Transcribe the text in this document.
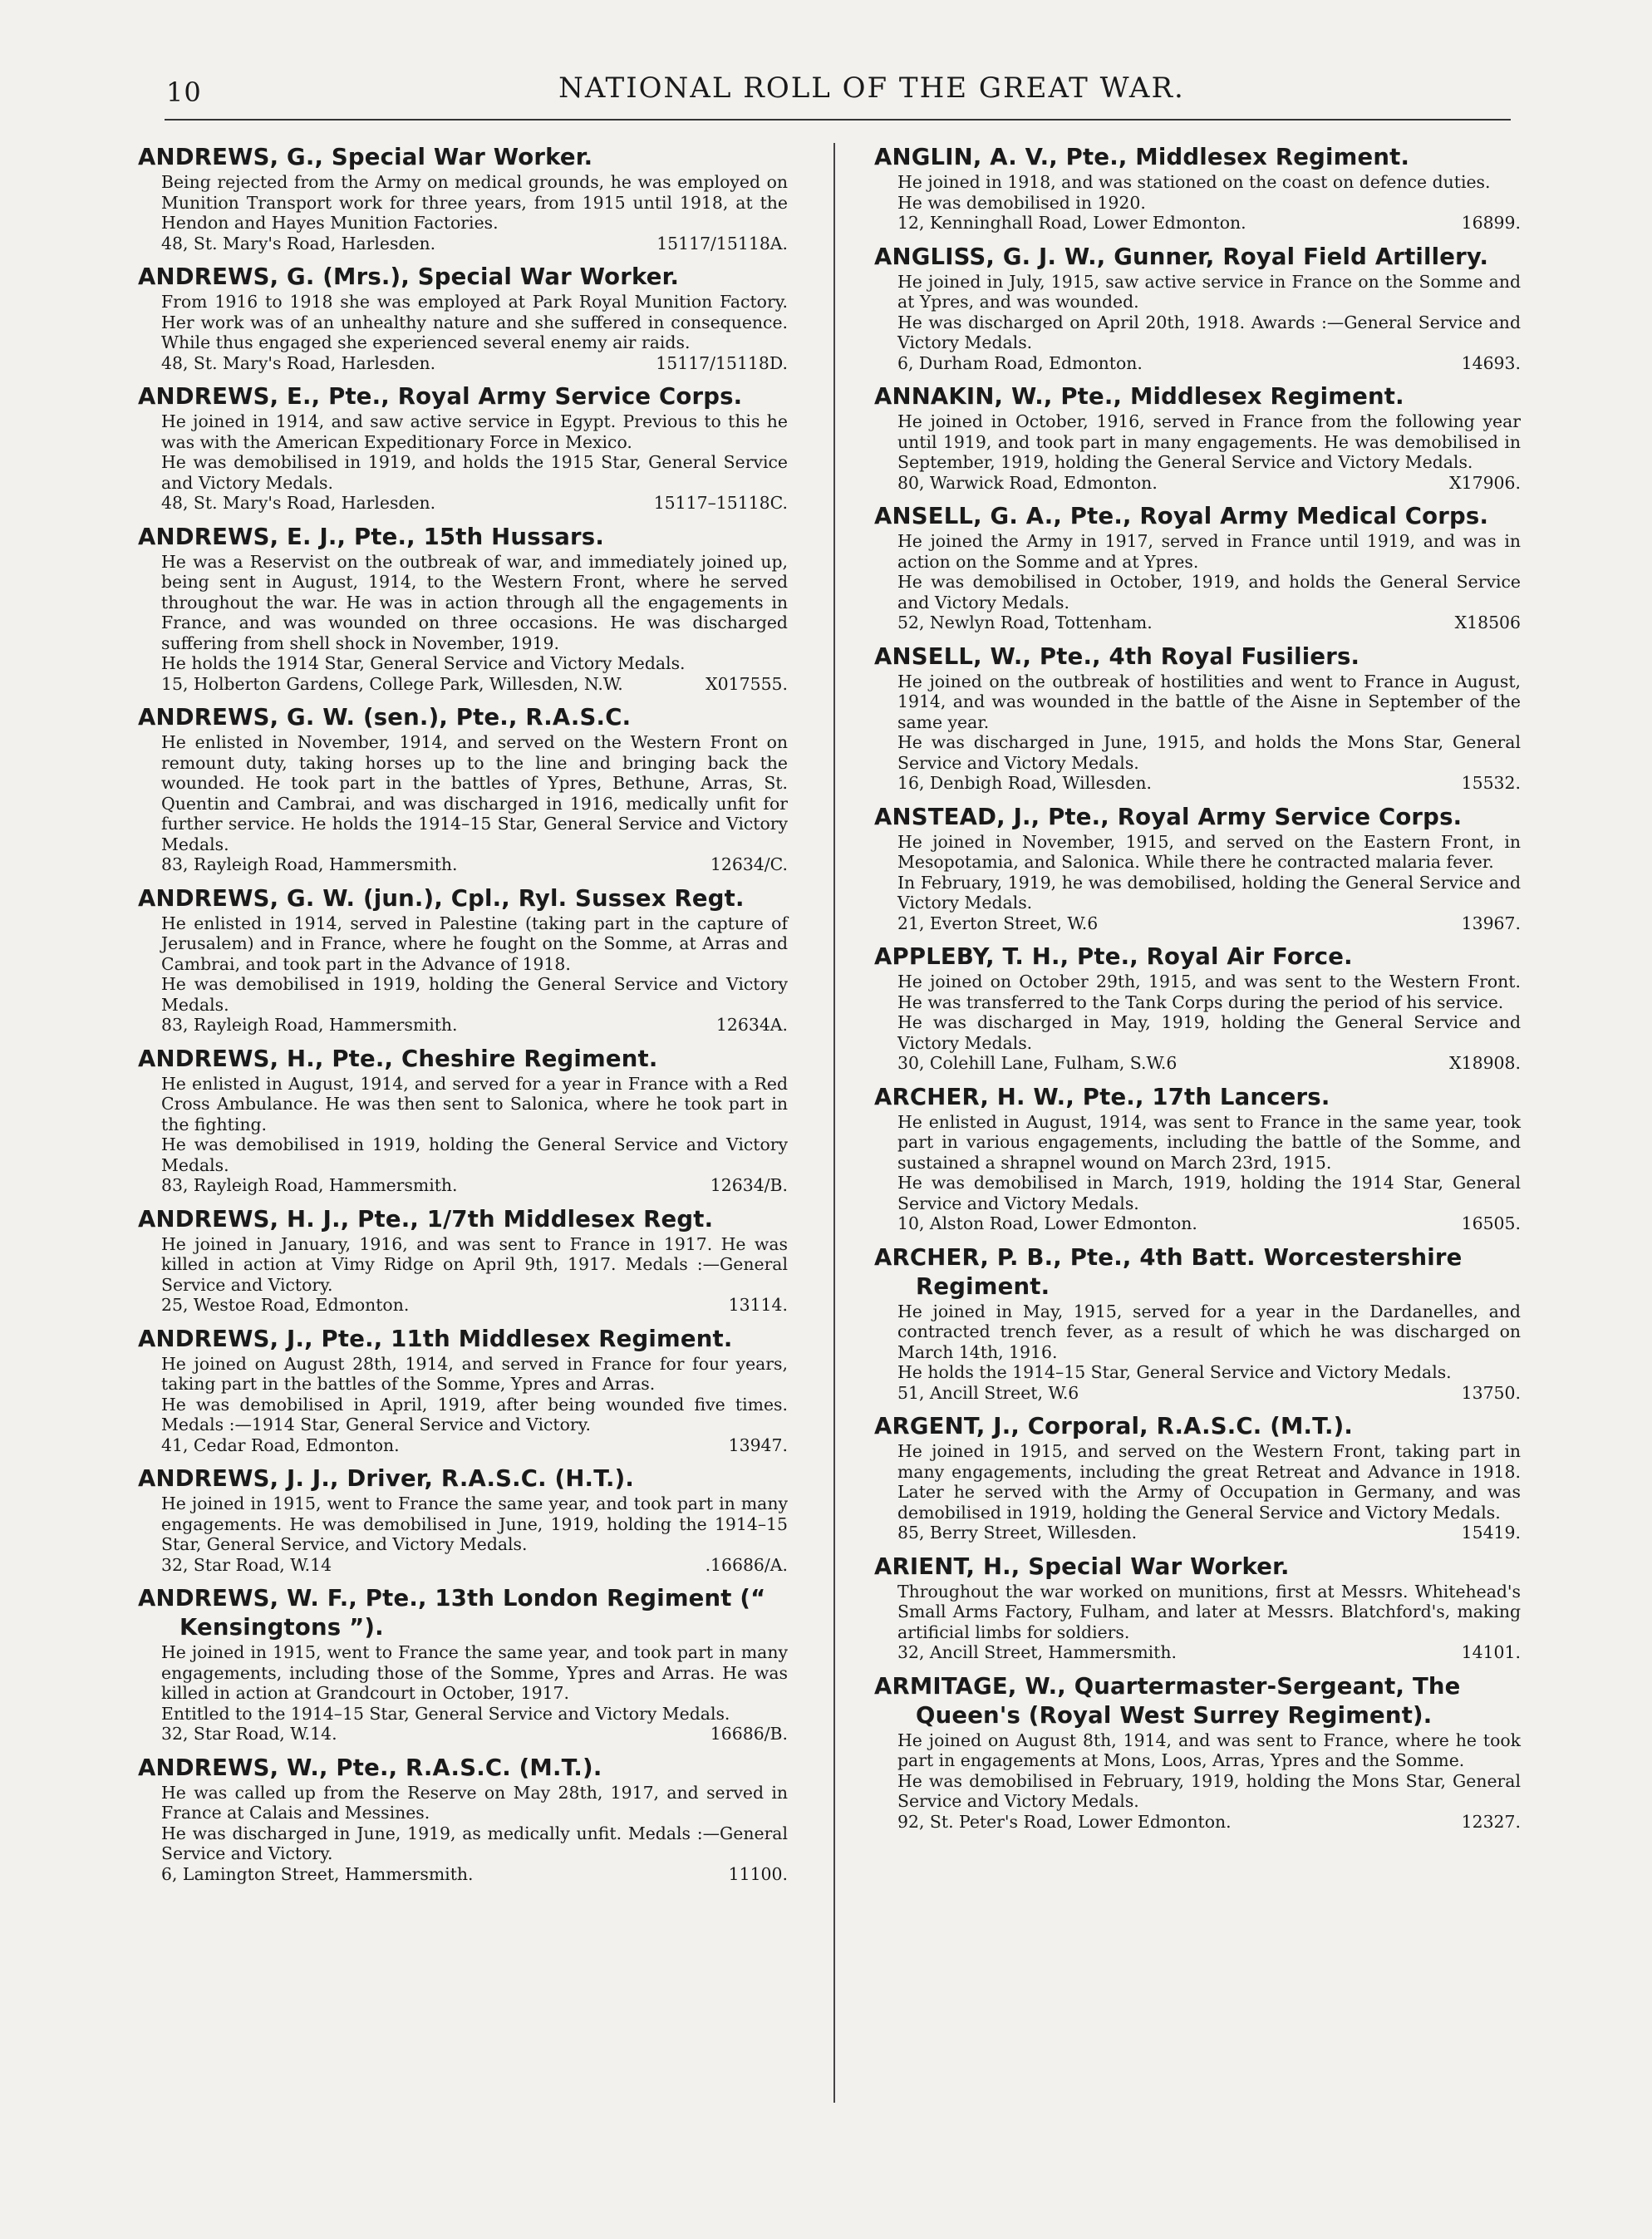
10	NATIONAL ROLL OF THE GREAT WAR.
ANDREWS, G., Special War Worker.

Being rejected from the Army on medical grounds, he was employed on Munition Transport work for three years, from 1915 until 1918, at the Hendon and Hayes Munition Factories.

48, St. Mary's Road, Harlesden.	15117/15118A.
ANDREWS, G. (Mrs.), Special War Worker.

From 1916 to 1918 she was employed at Park Royal Munition Factory. Her work was of an unhealthy nature and she suffered in consequence. While thus engaged she experienced several enemy air raids.

48, St. Mary's Road, Harlesden.	15117/15118D.
ANDREWS, E., Pte., Royal Army Service Corps.

He joined in 1914, and saw active service in Egypt. Previous to this he was with the American Expeditionary Force in Mexico.

He was demobilised in 1919, and holds the 1915 Star, General Service and Victory Medals.

48, St. Mary's Road, Harlesden.	15117–15118C.
ANDREWS, E. J., Pte., 15th Hussars.

He was a Reservist on the outbreak of war, and immediately joined up, being sent in August, 1914, to the Western Front, where he served throughout the war. He was in action through all the engagements in France, and was wounded on three occasions. He was discharged suffering from shell shock in November, 1919.

He holds the 1914 Star, General Service and Victory Medals.

15, Holberton Gardens, College Park, Willesden, N.W.	X017555.
ANDREWS, G. W. (sen.), Pte., R.A.S.C.

He enlisted in November, 1914, and served on the Western Front on remount duty, taking horses up to the line and bringing back the wounded. He took part in the battles of Ypres, Bethune, Arras, St. Quentin and Cambrai, and was discharged in 1916, medically unfit for further service. He holds the 1914–15 Star, General Service and Victory Medals.

83, Rayleigh Road, Hammersmith.	12634/C.
ANDREWS, G. W. (jun.), Cpl., Ryl. Sussex Regt.

He enlisted in 1914, served in Palestine (taking part in the capture of Jerusalem) and in France, where he fought on the Somme, at Arras and Cambrai, and took part in the Advance of 1918.

He was demobilised in 1919, holding the General Service and Victory Medals.

83, Rayleigh Road, Hammersmith.	12634A.
ANDREWS, H., Pte., Cheshire Regiment.

He enlisted in August, 1914, and served for a year in France with a Red Cross Ambulance. He was then sent to Salonica, where he took part in the fighting.

He was demobilised in 1919, holding the General Service and Victory Medals.

83, Rayleigh Road, Hammersmith.	12634/B.
ANDREWS, H. J., Pte., 1/7th Middlesex Regt.

He joined in January, 1916, and was sent to France in 1917. He was killed in action at Vimy Ridge on April 9th, 1917. Medals :—General Service and Victory.

25, Westoe Road, Edmonton.	13114.
ANDREWS, J., Pte., 11th Middlesex Regiment.

He joined on August 28th, 1914, and served in France for four years, taking part in the battles of the Somme, Ypres and Arras.

He was demobilised in April, 1919, after being wounded five times. Medals :—1914 Star, General Service and Victory.

41, Cedar Road, Edmonton.	13947.
ANDREWS, J. J., Driver, R.A.S.C. (H.T.).

He joined in 1915, went to France the same year, and took part in many engagements. He was demobilised in June, 1919, holding the 1914–15 Star, General Service, and Victory Medals.

32, Star Road, W.14	.16686/A.
ANDREWS, W. F., Pte., 13th London Regiment (“ Kensingtons ”).

He joined in 1915, went to France the same year, and took part in many engagements, including those of the Somme, Ypres and Arras. He was killed in action at Grandcourt in October, 1917.

Entitled to the 1914–15 Star, General Service and Victory Medals.

32, Star Road, W.14.	16686/B.
ANDREWS, W., Pte., R.A.S.C. (M.T.).

He was called up from the Reserve on May 28th, 1917, and served in France at Calais and Messines.

He was discharged in June, 1919, as medically unfit. Medals :—General Service and Victory.

6, Lamington Street, Hammersmith.	11100.
ANGLIN, A. V., Pte., Middlesex Regiment.

He joined in 1918, and was stationed on the coast on defence duties.

He was demobilised in 1920.

12, Kenninghall Road, Lower Edmonton.	16899.
ANGLISS, G. J. W., Gunner, Royal Field Artillery.

He joined in July, 1915, saw active service in France on the Somme and at Ypres, and was wounded.

He was discharged on April 20th, 1918. Awards :—General Service and Victory Medals.

6, Durham Road, Edmonton.	14693.
ANNAKIN, W., Pte., Middlesex Regiment.

He joined in October, 1916, served in France from the following year until 1919, and took part in many engagements. He was demobilised in September, 1919, holding the General Service and Victory Medals.

80, Warwick Road, Edmonton.	X17906.
ANSELL, G. A., Pte., Royal Army Medical Corps.

He joined the Army in 1917, served in France until 1919, and was in action on the Somme and at Ypres.

He was demobilised in October, 1919, and holds the General Service and Victory Medals.

52, Newlyn Road, Tottenham.	X18506
ANSELL, W., Pte., 4th Royal Fusiliers.

He joined on the outbreak of hostilities and went to France in August, 1914, and was wounded in the battle of the Aisne in September of the same year.

He was discharged in June, 1915, and holds the Mons Star, General Service and Victory Medals.

16, Denbigh Road, Willesden.	15532.
ANSTEAD, J., Pte., Royal Army Service Corps.

He joined in November, 1915, and served on the Eastern Front, in Mesopotamia, and Salonica. While there he contracted malaria fever.

In February, 1919, he was demobilised, holding the General Service and Victory Medals.

21, Everton Street, W.6	13967.
APPLEBY, T. H., Pte., Royal Air Force.

He joined on October 29th, 1915, and was sent to the Western Front. He was transferred to the Tank Corps during the period of his service.

He was discharged in May, 1919, holding the General Service and Victory Medals.

30, Colehill Lane, Fulham, S.W.6	X18908.
ARCHER, H. W., Pte., 17th Lancers.

He enlisted in August, 1914, was sent to France in the same year, took part in various engagements, including the battle of the Somme, and sustained a shrapnel wound on March 23rd, 1915.

He was demobilised in March, 1919, holding the 1914 Star, General Service and Victory Medals.

10, Alston Road, Lower Edmonton.	16505.
ARCHER, P. B., Pte., 4th Batt. Worcestershire Regiment.

He joined in May, 1915, served for a year in the Dardanelles, and contracted trench fever, as a result of which he was discharged on March 14th, 1916.

He holds the 1914–15 Star, General Service and Victory Medals.

51, Ancill Street, W.6	13750.
ARGENT, J., Corporal, R.A.S.C. (M.T.).

He joined in 1915, and served on the Western Front, taking part in many engagements, including the great Retreat and Advance in 1918. Later he served with the Army of Occupation in Germany, and was demobilised in 1919, holding the General Service and Victory Medals.

85, Berry Street, Willesden.	15419.
ARIENT, H., Special War Worker.

Throughout the war worked on munitions, first at Messrs. Whitehead's Small Arms Factory, Fulham, and later at Messrs. Blatchford's, making artificial limbs for soldiers.

32, Ancill Street, Hammersmith.	14101.
ARMITAGE, W., Quartermaster-Sergeant, The Queen's (Royal West Surrey Regiment).

He joined on August 8th, 1914, and was sent to France, where he took part in engagements at Mons, Loos, Arras, Ypres and the Somme.

He was demobilised in February, 1919, holding the Mons Star, General Service and Victory Medals.

92, St. Peter's Road, Lower Edmonton.	12327.
